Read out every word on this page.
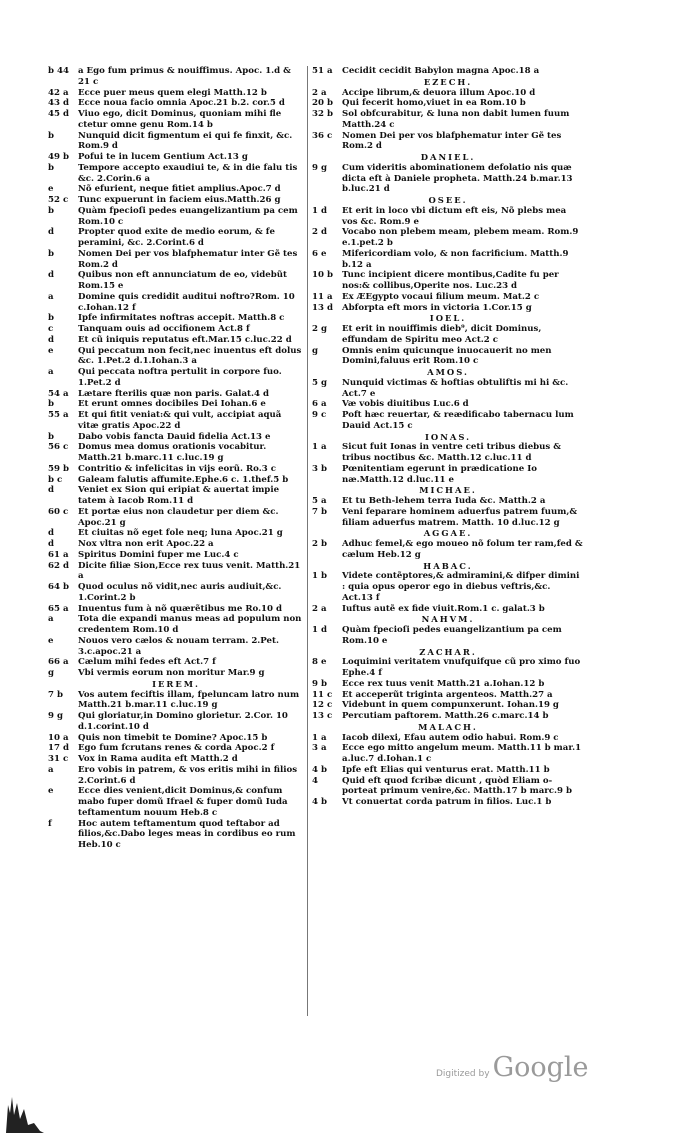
b 44	a Ego fum primus & nouiffimus. Apoc. 1.d & 21 c
42 a	Ecce puer meus quem elegi Matth.12 b
43 d	Ecce noua facio omnia Apoc.21 b.2. cor.5 d
45 d	Viuo ego, dicit Dominus, quoniam mihi fle ctetur omne genu Rom.14 b
b	Nunquid dicit figmentum ei qui fe finxit, &c. Rom.9 d
49 b	Pofui te in lucem Gentium Act.13 g
b	Tempore accepto exaudiui te, & in die falu tis &c. 2.Corin.6 a
e	Nõ efurient, neque fitiet amplius.Apoc.7 d
52 c	Tunc expuerunt in faciem eius.Matth.26 g
b	Quàm fpecioſi pedes euangelizantium pa cem Rom.10 c
d	Propter quod exite de medio eorum, & fe peramini, &c. 2.Corint.6 d
b	Nomen Dei per vos blafphematur inter Gẽ tes Rom.2 d
d	Quibus non eft annunciatum de eo, videbũt Rom.15 e
a	Domine quis credidit auditui noftro?Rom. 10 c.Iohan.12 f
b	Ipfe infirmitates noftras accepit. Matth.8 c
c	Tanquam ouis ad occifionem Act.8 f
d	Et cũ iniquis reputatus eft.Mar.15 c.luc.22 d
e	Qui peccatum non fecit,nec inuentus eft dolus &c. 1.Pet.2 d.1.Iohan.3 a
a	Qui peccata noftra pertulit in corpore fuo. 1.Pet.2 d
54 a	Lætare fterilis quæ non paris. Galat.4 d
b	Et erunt omnes docibiles Dei Iohan.6 e
55 a	Et qui fitit veniat:& qui vult, accipiat aquã vitæ gratis Apoc.22 d
b	Dabo vobis fancta Dauid fidelia Act.13 e
56 c	Domus mea domus orationis vocabitur. Matth.21 b.marc.11 c.luc.19 g
59 b	Contritio & infelicitas in vijs eorũ. Ro.3 c
b c	Galeam falutis affumite.Ephe.6 c. 1.thef.5 b
d	Veniet ex Sion qui eripiat & auertat impie tatem à Iacob Rom.11 d
60 c	Et portæ eius non claudetur per diem &c. Apoc.21 g
d	Et ciuitas nõ eget fole neq; luna Apoc.21 g
d	Nox vltra non erit Apoc.22 a
61 a	Spiritus Domini fuper me Luc.4 c
62 d	Dicite filiæ Sion,Ecce rex tuus venit. Matth.21 a
64 b	Quod oculus nõ vidit,nec auris audiuit,&c. 1.Corint.2 b
65 a	Inuentus fum à nõ quærẽtibus me Ro.10 d
a	Tota die expandi manus meas ad populum non credentem Rom.10 d
e	Nouos vero cælos & nouam terram. 2.Pet. 3.c.apoc.21 a
66 a	Cælum mihi fedes eft Act.7 f
g	Vbi vermis eorum non moritur Mar.9 g
IEREM.
7 b	Vos autem feciftis illam, fpeluncam latro num Matth.21 b.mar.11 c.luc.19 g
9 g	Qui gloriatur,in Domino glorietur. 2.Cor. 10 d.1.corint.10 d
10 a	Quis non timebit te Domine? Apoc.15 b
17 d	Ego fum fcrutans renes & corda Apoc.2 f
31 c	Vox in Rama audita eft Matth.2 d
a	Ero vobis in patrem, & vos eritis mihi in filios 2.Corint.6 d
e	Ecce dies venient,dicit Dominus,& confum mabo fuper domũ Ifrael & fuper domũ Iuda teftamentum nouum Heb.8 c
f	Hoc autem teftamentum quod teftabor ad filios,&c.Dabo leges meas in cordibus eo rum Heb.10 c
51 a	Cecidit cecidit Babylon magna Apoc.18 a
EZECH.
2 a	Accipe librum,& deuora illum Apoc.10 d
20 b	Qui fecerit homo,viuet in ea Rom.10 b
32 b	Sol obfcurabitur, & luna non dabit lumen fuum Matth.24 c
36 c	Nomen Dei per vos blafphematur inter Gẽ tes Rom.2 d
DANIEL.
9 g	Cum videritis abominationem defolatio nis quæ dicta eft à Daniele propheta. Matth.24 b.mar.13 b.luc.21 d
OSEE.
1 d	Et erit in loco vbi dictum eft eis, Nõ plebs mea vos &c. Rom.9 e
2 d	Vocabo non plebem meam, plebem meam. Rom.9 e.1.pet.2 b
6 e	Mifericordiam volo, & non facrificium. Matth.9 b.12 a
10 b	Tunc incipient dicere montibus,Cadite fu per nos:& collibus,Operite nos. Luc.23 d
11 a	Ex ÆEgypto vocaui filium meum. Mat.2 c
13 d	Abforpta eft mors in victoria 1.Cor.15 g
IOEL.
2 g	Et erit in nouiffimis dieb⁹, dicit Dominus, effundam de Spiritu meo Act.2 c
g	Omnis enim quicunque inuocauerit no men Domini,faluus erit Rom.10 c
AMOS.
5 g	Nunquid victimas & hoftias obtuliftis mi hi &c. Act.7 e
6 a	Væ vobis diuitibus Luc.6 d
9 c	Poft hæc reuertar, & reædificabo tabernacu lum Dauid Act.15 c
IONAS.
1 a	Sicut fuit Ionas in ventre ceti tribus diebus & tribus noctibus &c. Matth.12 c.luc.11 d
3 b	Pœnitentiam egerunt in prædicatione Io næ.Matth.12 d.luc.11 e
MICHAE.
5 a	Et tu Beth-lehem terra Iuda &c. Matth.2 a
7 b	Veni feparare hominem aduerfus patrem fuum,& filiam aduerfus matrem. Matth. 10 d.luc.12 g
AGGAE.
2 b	Adhuc femel,& ego moueo nõ folum ter ram,fed & cælum Heb.12 g
HABAC.
1 b	Videte contẽptores,& admiramini,& difper dimini : quia opus operor ego in diebus veftris,&c. Act.13 f
2 a	Iuftus autẽ ex fide viuit.Rom.1 c. galat.3 b
NAHVM.
1 d	Quàm fpecioſi pedes euangelizantium pa cem Rom.10 e
ZACHAR.
8 e	Loquimini veritatem vnufquifque cũ pro ximo fuo Ephe.4 f
9 b	Ecce rex tuus venit Matth.21 a.Iohan.12 b
11 c	Et acceperũt triginta argenteos. Matth.27 a
12 c	Videbunt in quem compunxerunt. Iohan.19 g
13 c	Percutiam paftorem. Matth.26 c.marc.14 b
MALACH.
1 a	Iacob dilexi, Efau autem odio habui. Rom.9 c
3 a	Ecce ego mitto angelum meum. Matth.11 b mar.1 a.luc.7 d.Iohan.1 c
4 b	Ipfe eft Elias qui venturus erat. Matth.11 b
4	Quid eft quod fcribæ dicunt , quòd Eliam o- porteat primum venire,&c. Matth.17 b marc.9 b
4 b	Vt conuertat corda patrum in filios. Luc.1 b
Digitized by Google
